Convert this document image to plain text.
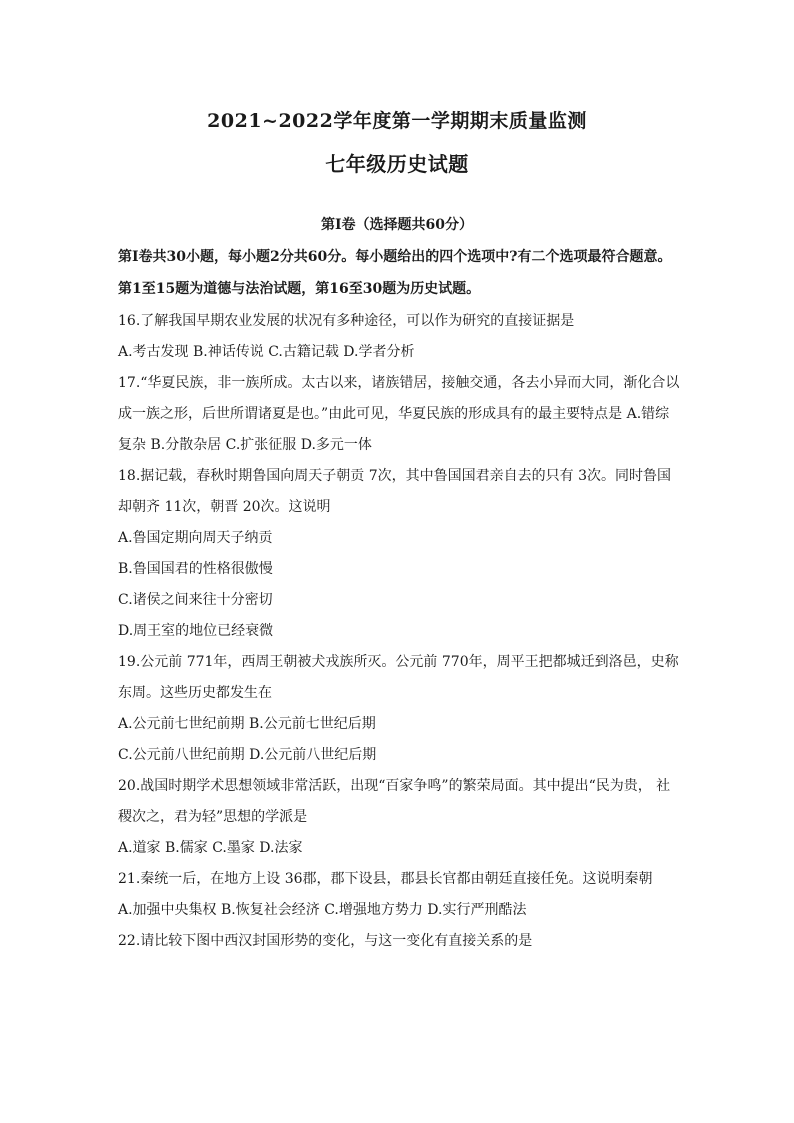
2021~2022学年度第一学期期末质量监测
七年级历史试题
第Ⅰ卷（选择题共60分）
第Ⅰ卷共30小题，每小题2分共60分。每小题给出的四个选项中?有二个选项最符合题意。
第1至15题为道德与法治试题，第16至30题为历史试题。
16.了解我国早期农业发展的状况有多种途径，可以作为研究的直接证据是
A.考古发现 B.神话传说 C.古籍记载 D.学者分析
17.“华夏民族，非一族所成。太古以来，诸族错居，接触交通，各去小异而大同，渐化合以
成一族之形，后世所谓诸夏是也。”由此可见，华夏民族的形成具有的最主要特点是 A.错综
复杂 B.分散杂居 C.扩张征服 D.多元一体
18.据记载，春秋时期鲁国向周天子朝贡 7次，其中鲁国国君亲自去的只有 3次。同时鲁国
却朝齐 11次，朝晋 20次。这说明
A.鲁国定期向周天子纳贡
B.鲁国国君的性格很傲慢
C.诸侯之间来往十分密切
D.周王室的地位已经衰微
19.公元前 771年，西周王朝被犬戎族所灭。公元前 770年，周平王把都城迁到洛邑，史称
东周。这些历史都发生在
A.公元前七世纪前期 B.公元前七世纪后期
C.公元前八世纪前期 D.公元前八世纪后期
20.战国时期学术思想领域非常活跃，出现“百家争鸣”的繁荣局面。其中提出“民为贵， 社
稷次之，君为轻”思想的学派是
A.道家 B.儒家 C.墨家 D.法家
21.秦统一后，在地方上设 36郡，郡下设县，郡县长官都由朝廷直接任免。这说明秦朝
A.加强中央集权 B.恢复社会经济 C.增强地方势力 D.实行严刑酷法
22.请比较下图中西汉封国形势的变化，与这一变化有直接关系的是
